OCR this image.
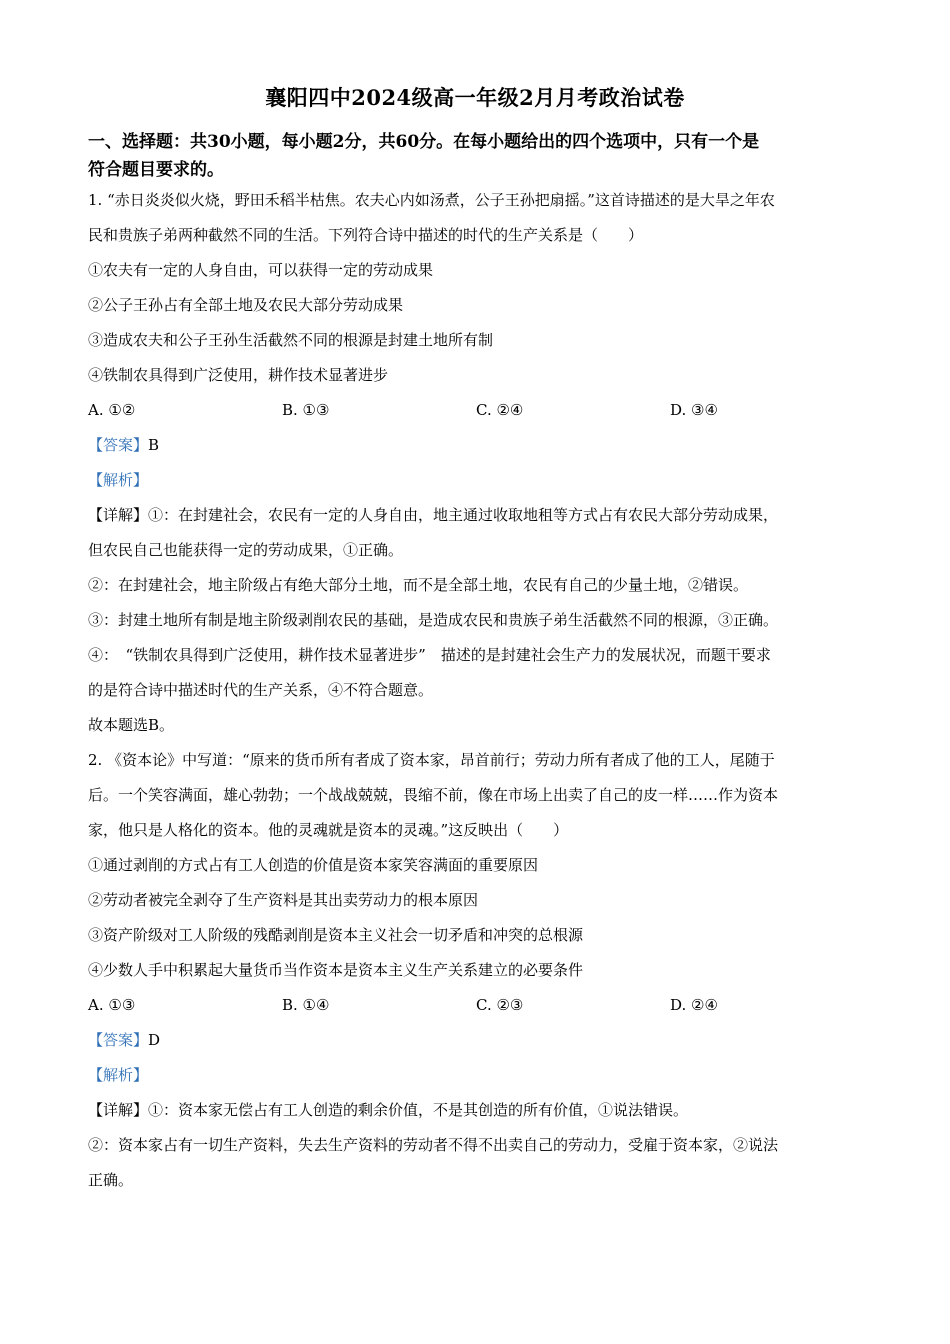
襄阳四中2024级高一年级2月月考政治试卷
一、选择题：共30小题，每小题2分，共60分。在每小题给出的四个选项中，只有一个是
符合题目要求的。
1. “赤日炎炎似火烧，野田禾稻半枯焦。农夫心内如汤煮，公子王孙把扇摇。”这首诗描述的是大旱之年农
民和贵族子弟两种截然不同的生活。下列符合诗中描述的时代的生产关系是（　　）
①农夫有一定的人身自由，可以获得一定的劳动成果
②公子王孙占有全部土地及农民大部分劳动成果
③造成农夫和公子王孙生活截然不同的根源是封建土地所有制
④铁制农具得到广泛使用，耕作技术显著进步
A. ①②	B. ①③	C. ②④	D. ③④
【答案】B
【解析】
【详解】①：在封建社会，农民有一定的人身自由，地主通过收取地租等方式占有农民大部分劳动成果，
但农民自己也能获得一定的劳动成果，①正确。
②：在封建社会，地主阶级占有绝大部分土地，而不是全部土地，农民有自己的少量土地，②错误。
③：封建土地所有制是地主阶级剥削农民的基础，是造成农民和贵族子弟生活截然不同的根源，③正确。
④：　“铁制农具得到广泛使用，耕作技术显著进步”　描述的是封建社会生产力的发展状况，而题干要求
的是符合诗中描述时代的生产关系，④不符合题意。
故本题选B。
2. 《资本论》中写道：“原来的货币所有者成了资本家，昂首前行；劳动力所有者成了他的工人，尾随于
后。一个笑容满面，雄心勃勃；一个战战兢兢，畏缩不前，像在市场上出卖了自己的皮一样……作为资本
家，他只是人格化的资本。他的灵魂就是资本的灵魂。”这反映出（　　）
①通过剥削的方式占有工人创造的价值是资本家笑容满面的重要原因
②劳动者被完全剥夺了生产资料是其出卖劳动力的根本原因
③资产阶级对工人阶级的残酷剥削是资本主义社会一切矛盾和冲突的总根源
④少数人手中积累起大量货币当作资本是资本主义生产关系建立的必要条件
A. ①③	B. ①④	C. ②③	D. ②④
【答案】D
【解析】
【详解】①：资本家无偿占有工人创造的剩余价值，不是其创造的所有价值，①说法错误。
②：资本家占有一切生产资料，失去生产资料的劳动者不得不出卖自己的劳动力，受雇于资本家，②说法
正确。
